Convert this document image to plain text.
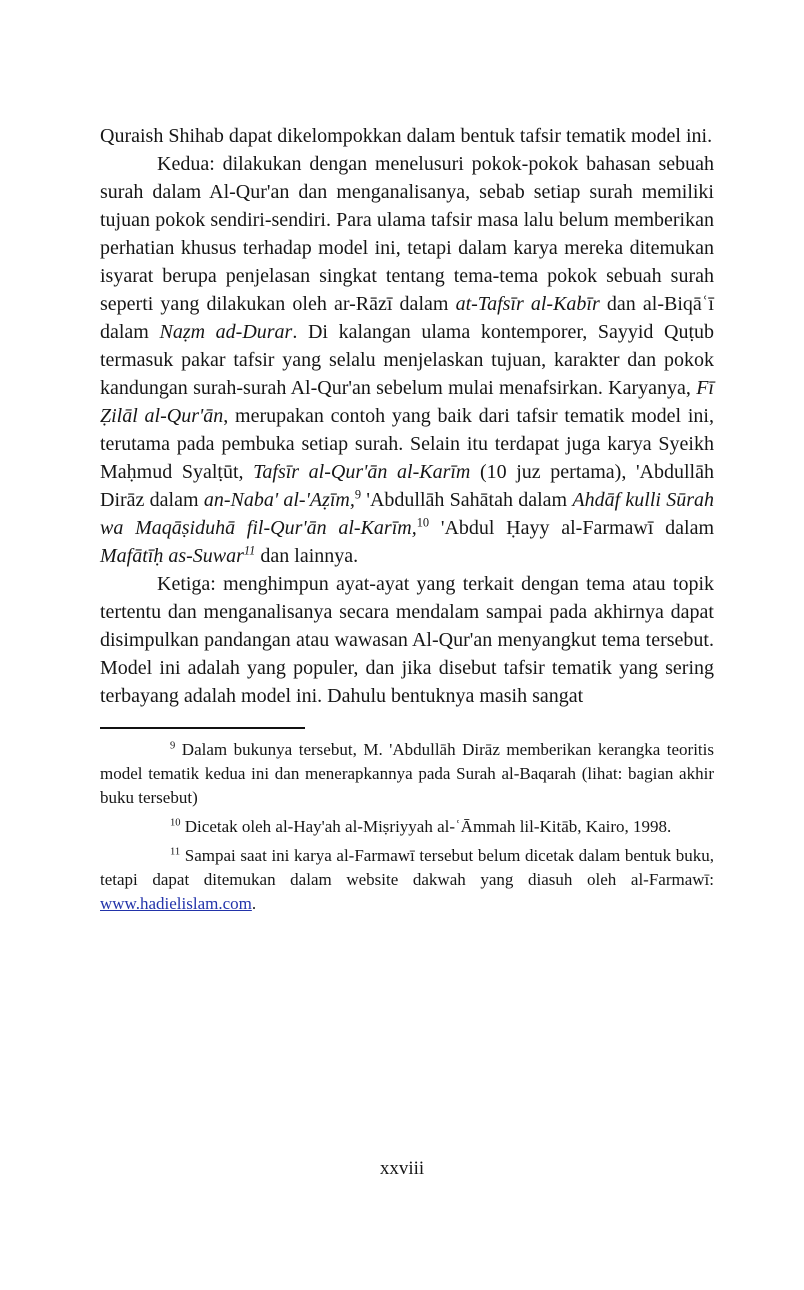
Quraish Shihab dapat dikelompokkan dalam bentuk tafsir tematik model ini.

Kedua: dilakukan dengan menelusuri pokok-pokok bahasan sebuah surah dalam Al-Qur'an dan menganalisanya, sebab setiap surah memiliki tujuan pokok sendiri-sendiri. Para ulama tafsir masa lalu belum memberikan perhatian khusus terhadap model ini, tetapi dalam karya mereka ditemukan isyarat berupa penjelasan singkat tentang tema-tema pokok sebuah surah seperti yang dilakukan oleh ar-Rāzī dalam at-Tafsīr al-Kabīr dan al-Biqāʿī dalam Naẓm ad-Durar. Di kalangan ulama kontemporer, Sayyid Quṭub termasuk pakar tafsir yang selalu menjelaskan tujuan, karakter dan pokok kandungan surah-surah Al-Qur'an sebelum mulai menafsirkan. Karyanya, Fī Ẓilāl al-Qur'ān, merupakan contoh yang baik dari tafsir tematik model ini, terutama pada pembuka setiap surah. Selain itu terdapat juga karya Syeikh Maḥmud Syalṭūt, Tafsīr al-Qur'ān al-Karīm (10 juz pertama), 'Abdullāh Dirāz dalam an-Naba' al-'Aẓīm,$^9$ 'Abdullāh Sahātah dalam Ahdāf kulli Sūrah wa Maqāṣiduhā fil-Qur'ān al-Karīm,$^{10}$ 'Abdul Ḥayy al-Farmawī dalam Mafātīḥ as-Suwar$^{11}$ dan lainnya.

Ketiga: menghimpun ayat-ayat yang terkait dengan tema atau topik tertentu dan menganalisanya secara mendalam sampai pada akhirnya dapat disimpulkan pandangan atau wawasan Al-Qur'an menyangkut tema tersebut. Model ini adalah yang populer, dan jika disebut tafsir tematik yang sering terbayang adalah model ini. Dahulu bentuknya masih sangat

$^9$ Dalam bukunya tersebut, M. 'Abdullāh Dirāz memberikan kerangka teoritis model tematik kedua ini dan menerapkannya pada Surah al-Baqarah (lihat: bagian akhir buku tersebut)

$^{10}$ Dicetak oleh al-Hay'ah al-Miṣriyyah al-ʿĀmmah lil-Kitāb, Kairo, 1998.

$^{11}$ Sampai saat ini karya al-Farmawī tersebut belum dicetak dalam bentuk buku, tetapi dapat ditemukan dalam website dakwah yang diasuh oleh al-Farmawī: www.hadielislam.com.

xxviii
